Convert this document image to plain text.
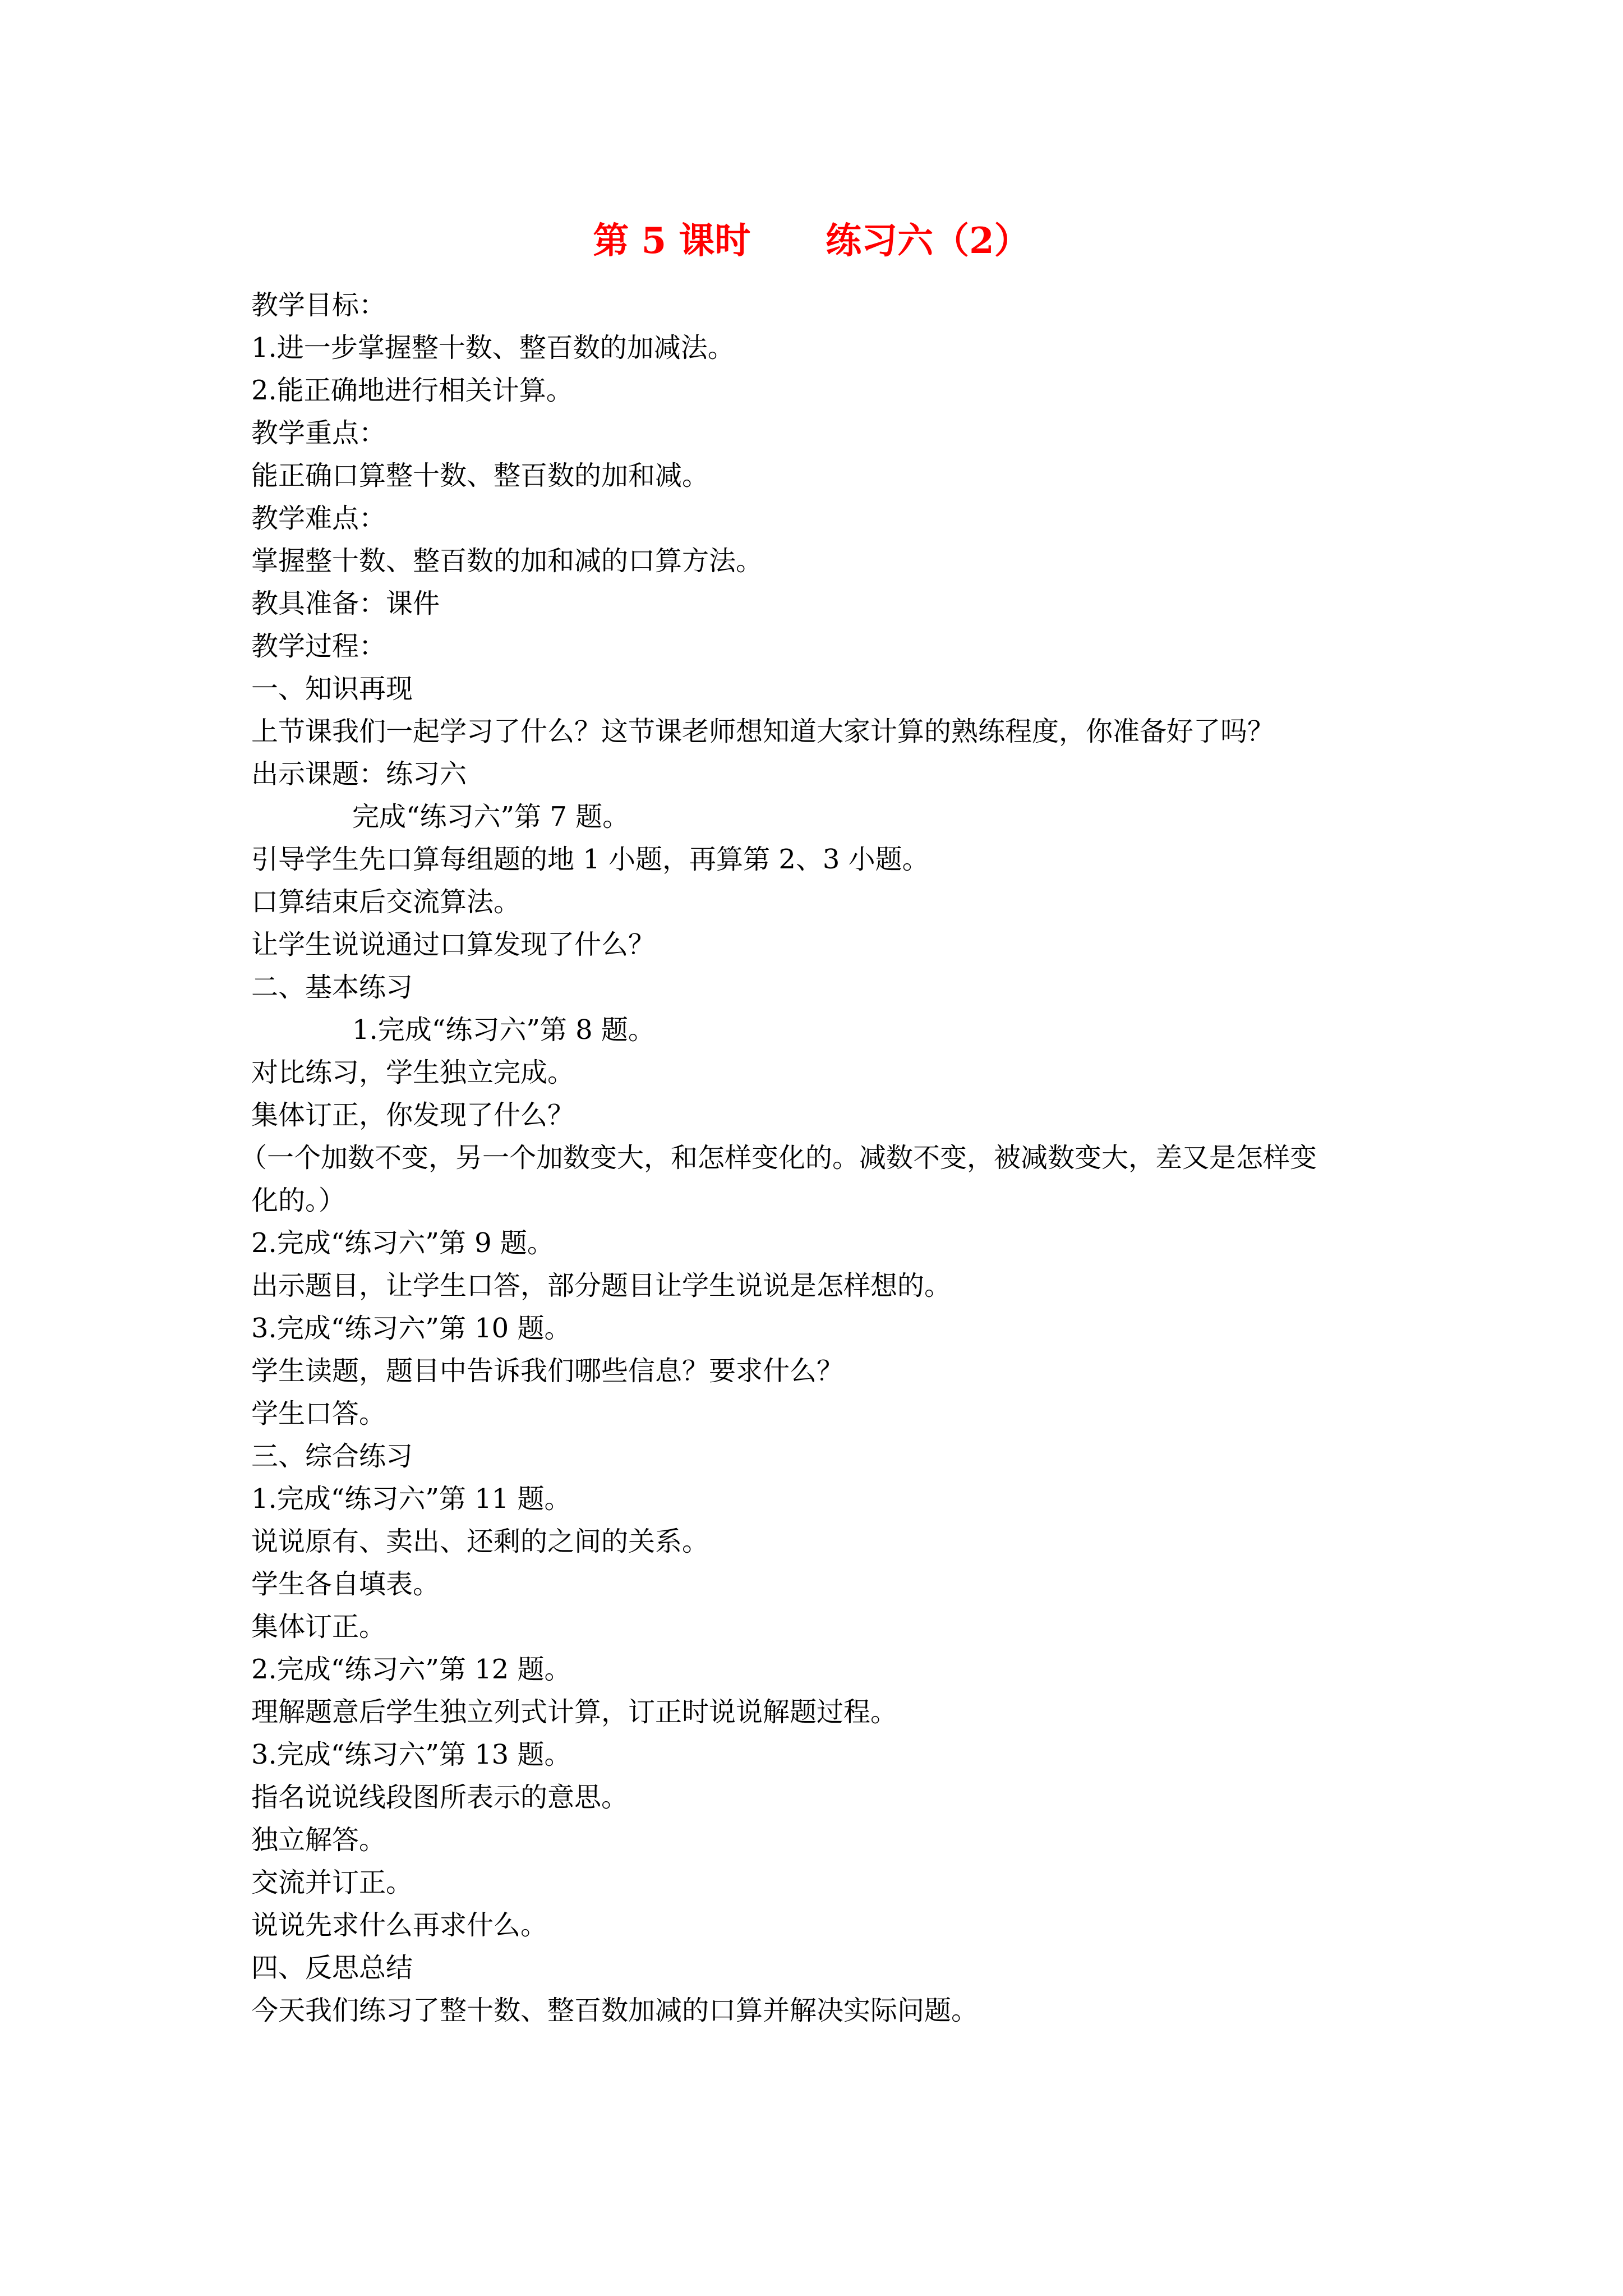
第 5 课时      练习六（2）
教学目标：
1.进一步掌握整十数、整百数的加减法。
2.能正确地进行相关计算。
教学重点：
能正确口算整十数、整百数的加和减。
教学难点：
掌握整十数、整百数的加和减的口算方法。
教具准备：课件
教学过程：
一、知识再现
上节课我们一起学习了什么？这节课老师想知道大家计算的熟练程度，你准备好了吗？
出示课题：练习六
完成“练习六”第 7 题。
引导学生先口算每组题的地 1 小题，再算第 2、3 小题。
口算结束后交流算法。
让学生说说通过口算发现了什么？
二、基本练习
1.完成“练习六”第 8 题。
对比练习，学生独立完成。
集体订正，你发现了什么？
（一个加数不变，另一个加数变大，和怎样变化的。减数不变，被减数变大，差又是怎样变
化的。）
2.完成“练习六”第 9 题。
出示题目，让学生口答，部分题目让学生说说是怎样想的。
3.完成“练习六”第 10 题。
学生读题，题目中告诉我们哪些信息？要求什么？
学生口答。
三、综合练习
1.完成“练习六”第 11 题。
说说原有、卖出、还剩的之间的关系。
学生各自填表。
集体订正。
2.完成“练习六”第 12 题。
理解题意后学生独立列式计算，订正时说说解题过程。
3.完成“练习六”第 13 题。
指名说说线段图所表示的意思。
独立解答。
交流并订正。
说说先求什么再求什么。
四、反思总结
今天我们练习了整十数、整百数加减的口算并解决实际问题。
